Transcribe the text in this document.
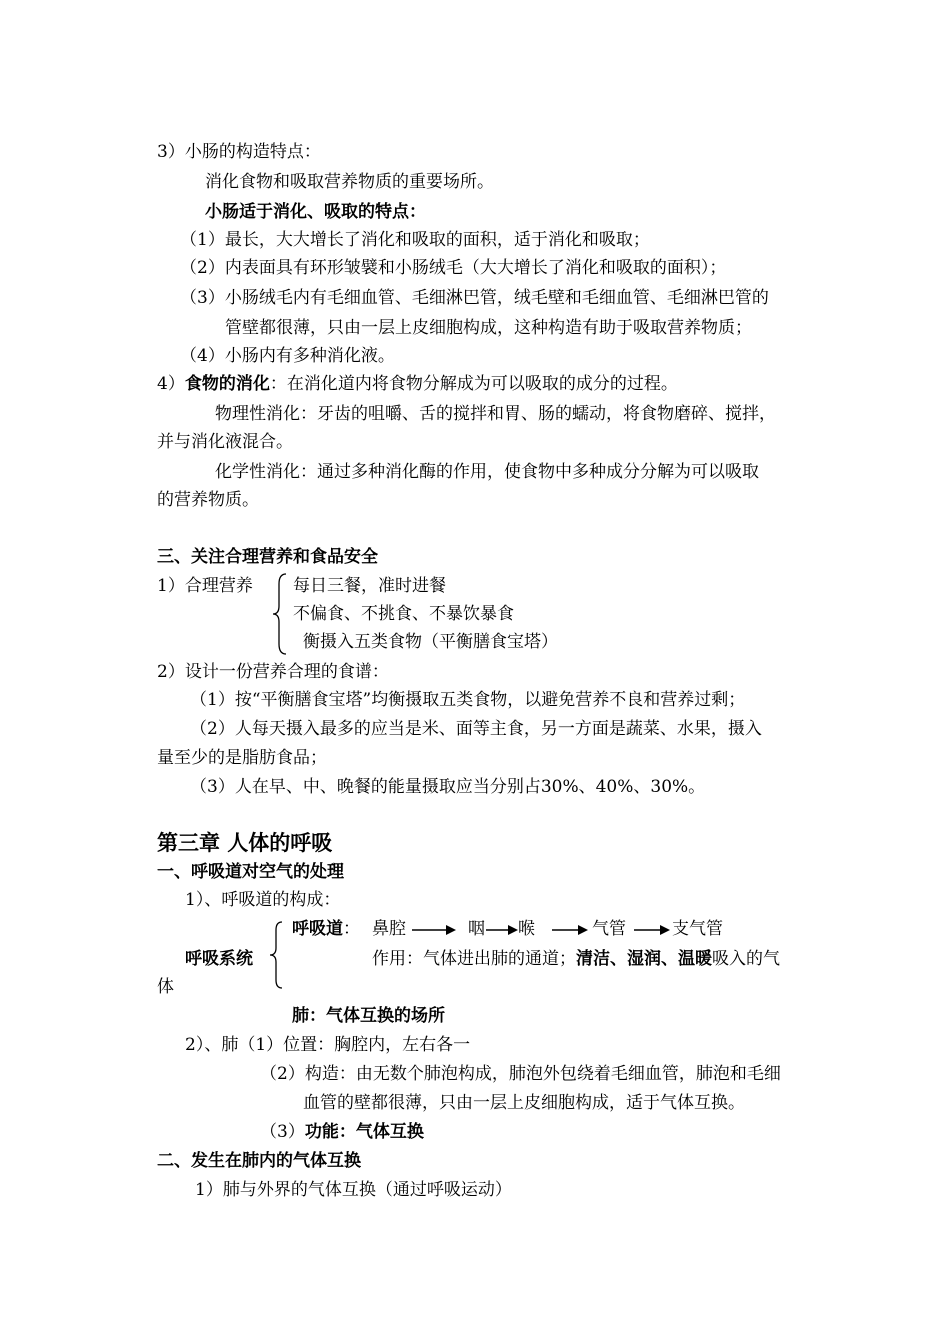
3）小肠的构造特点：
消化食物和吸取营养物质的重要场所。
小肠适于消化、吸取的特点：
（1）最长，大大增长了消化和吸取的面积，适于消化和吸取；
（2）内表面具有环形皱襞和小肠绒毛（大大增长了消化和吸取的面积）；
（3）小肠绒毛内有毛细血管、毛细淋巴管，绒毛壁和毛细血管、毛细淋巴管的
管壁都很薄，只由一层上皮细胞构成，这种构造有助于吸取营养物质；
（4）小肠内有多种消化液。
4）食物的消化：在消化道内将食物分解成为可以吸取的成分的过程。
物理性消化：牙齿的咀嚼、舌的搅拌和胃、肠的蠕动，将食物磨碎、搅拌，
并与消化液混合。
化学性消化：通过多种消化酶的作用，使食物中多种成分分解为可以吸取
的营养物质。
三、关注合理营养和食品安全
1）合理营养 每日三餐，准时进餐
不偏食、不挑食、不暴饮暴食
衡摄入五类食物（平衡膳食宝塔）
2）设计一份营养合理的食谱：
（1）按“平衡膳食宝塔”均衡摄取五类食物，以避免营养不良和营养过剩；
（2）人每天摄入最多的应当是米、面等主食，另一方面是蔬菜、水果，摄入
量至少的是脂肪食品；
（3）人在早、中、晚餐的能量摄取应当分别占30%、40%、30%。
第三章 人体的呼吸
一、呼吸道对空气的处理
1）、呼吸道的构成：
呼吸系统
呼吸道： 鼻腔	咽 喉	气管	支气管
作用：气体进出肺的通道；清洁、湿润、温暖吸入的气
体
肺：气体互换的场所
2）、肺（1）位置：胸腔内，左右各一
（2）构造：由无数个肺泡构成，肺泡外包绕着毛细血管，肺泡和毛细
血管的壁都很薄，只由一层上皮细胞构成，适于气体互换。
（3）功能：气体互换
二、发生在肺内的气体互换
1）肺与外界的气体互换（通过呼吸运动）
